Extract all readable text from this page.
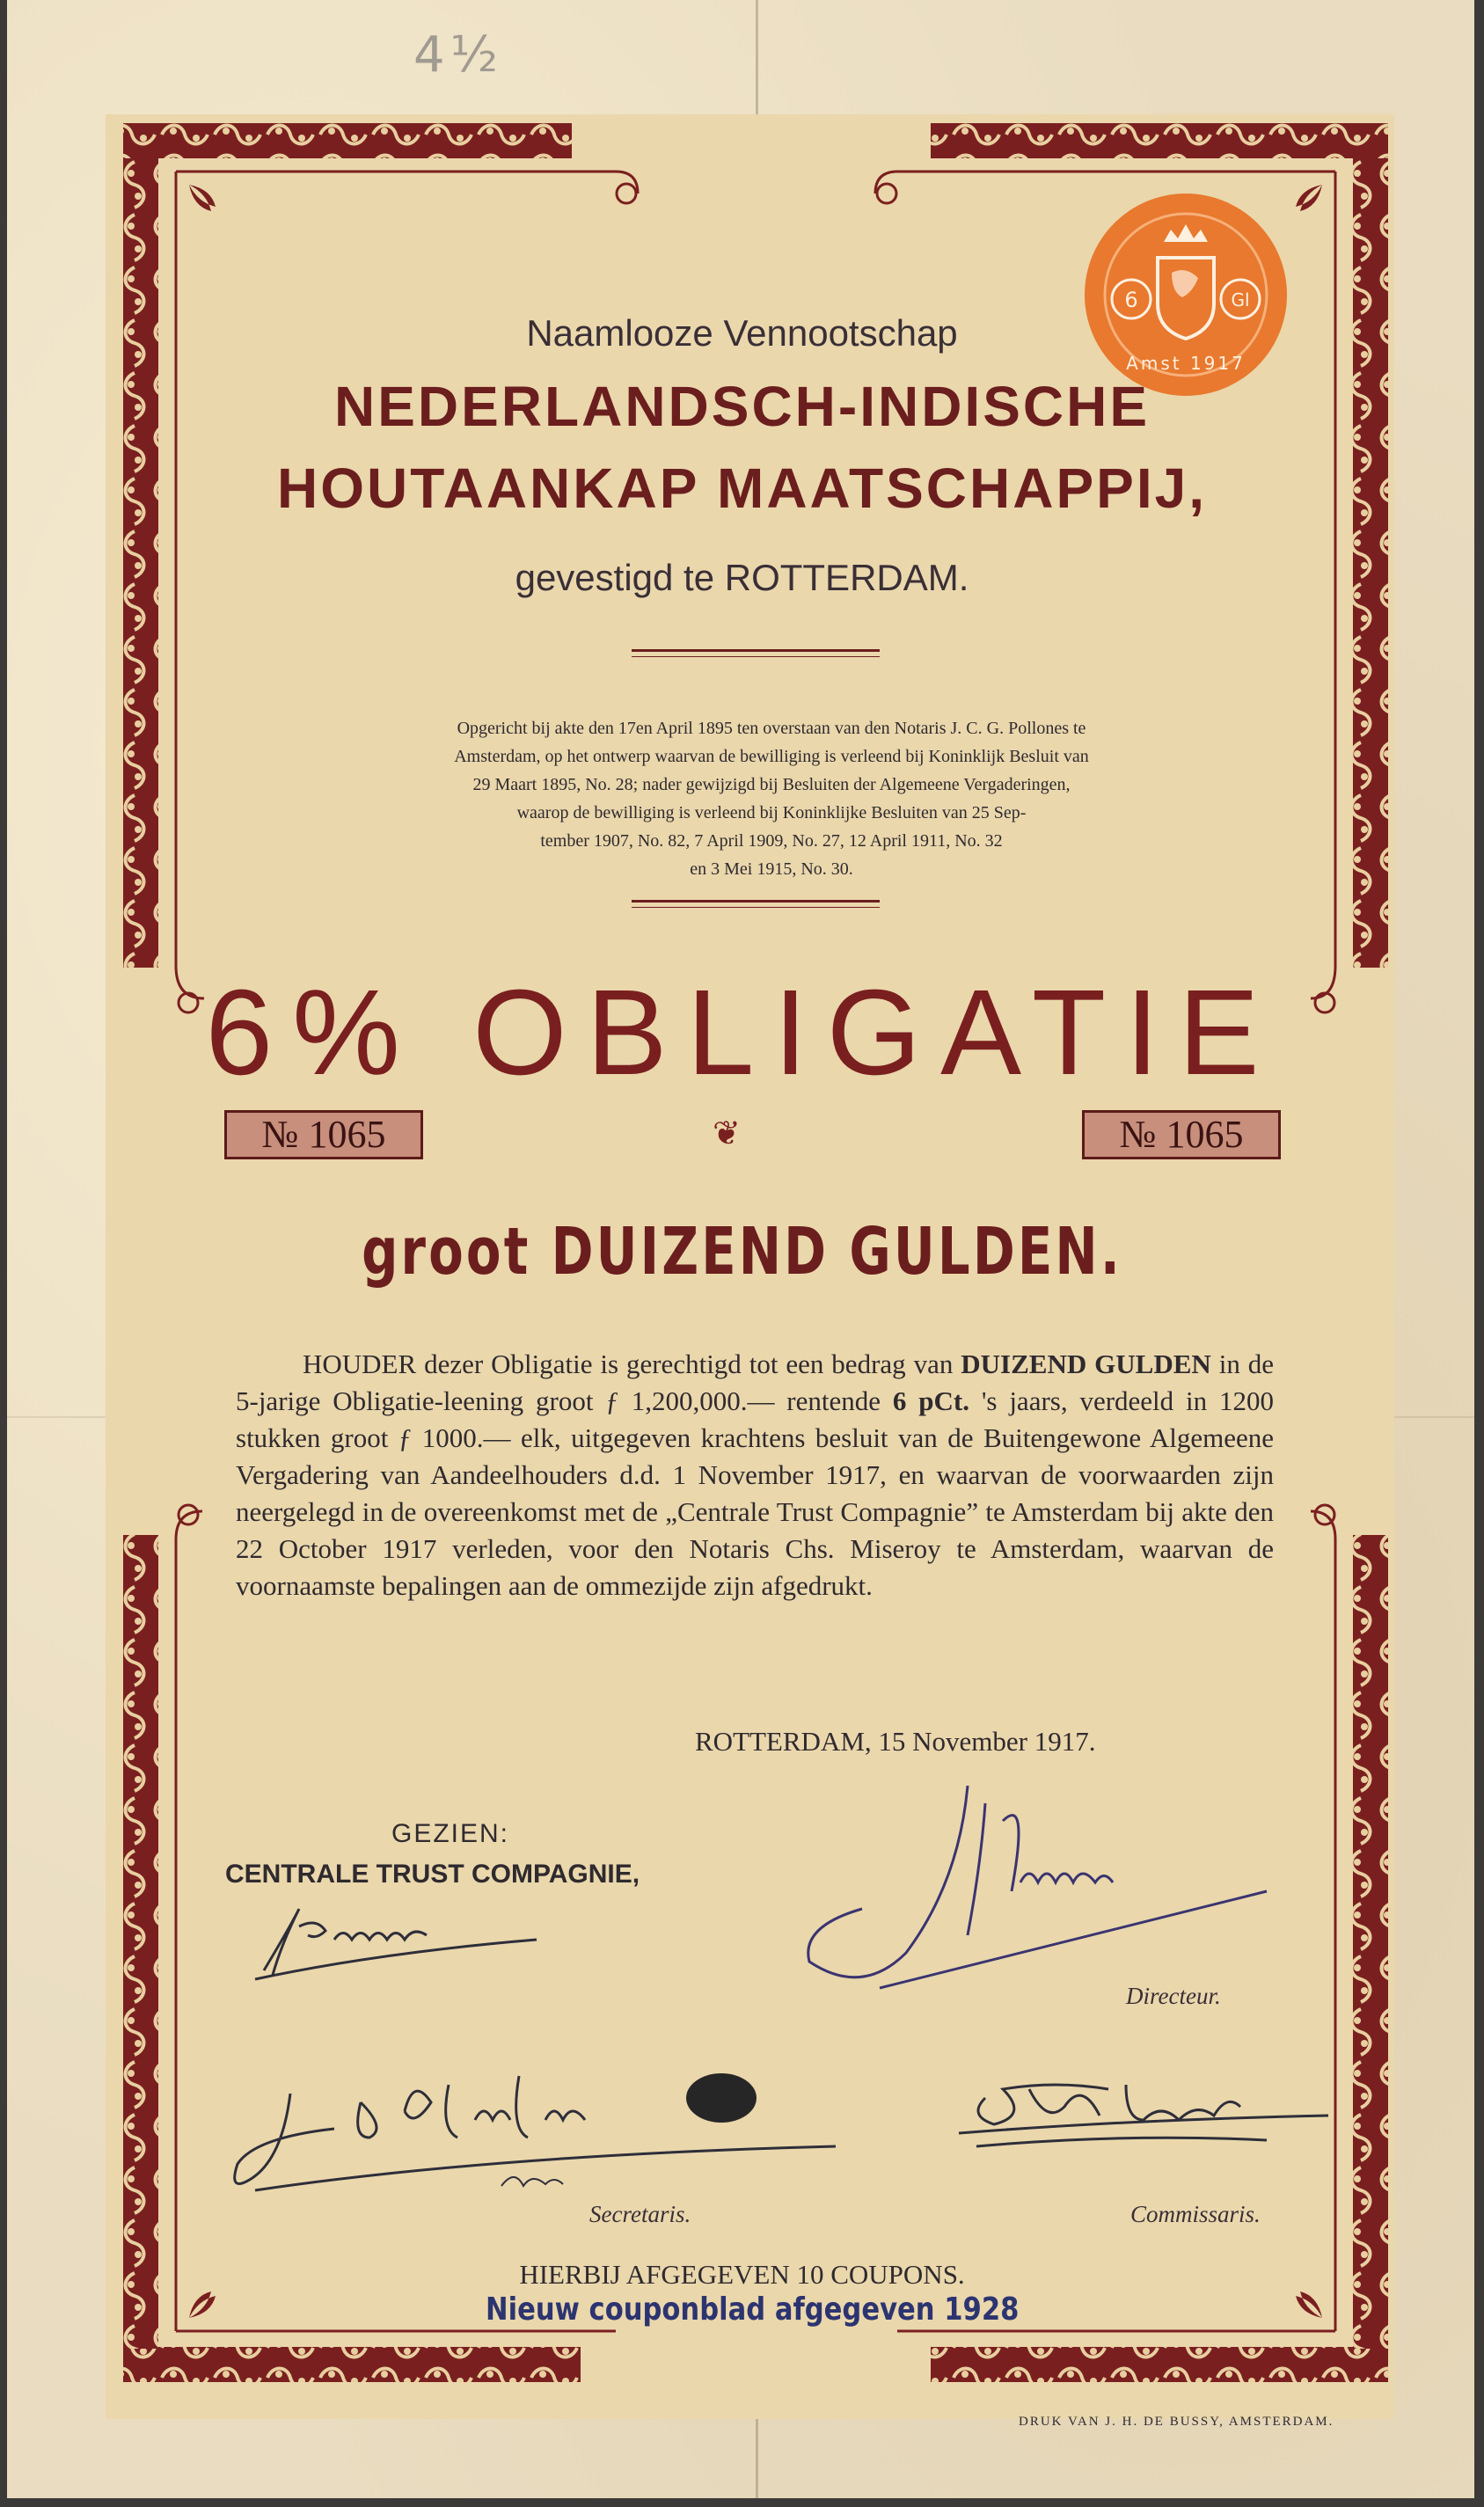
4½
6	Gl
Amst 1917
Naamlooze Vennootschap
NEDERLANDSCH-INDISCHE
HOUTAANKAP MAATSCHAPPIJ,
gevestigd te ROTTERDAM.
Opgericht bij akte den 17en April 1895 ten overstaan van den Notaris J. C. G. Pollones te
Amsterdam, op het ontwerp waarvan de bewilliging is verleend bij Koninklijk Besluit van
29 Maart 1895, No. 28; nader gewijzigd bij Besluiten der Algemeene Vergaderingen,
waarop de bewilliging is verleend bij Koninklijke Besluiten van 25 Sep-
tember 1907, No. 82, 7 April 1909, No. 27, 12 April 1911, No. 32
en 3 Mei 1915, No. 30.
6% OBLIGATIE
№ 1065	❦	№ 1065
groot DUIZEND GULDEN.
HOUDER dezer Obligatie is gerechtigd tot een bedrag van DUIZEND GULDEN in de 5-jarige Obligatie-leening groot ƒ 1,200,000.— rentende 6 pCt. 's jaars, verdeeld in 1200 stukken groot ƒ 1000.— elk, uitgegeven krachtens besluit van de Buitengewone Algemeene Vergadering van Aandeelhouders d.d. 1 November 1917, en waarvan de voorwaarden zijn neergelegd in de overeenkomst met de „Centrale Trust Compagnie” te Amsterdam bij akte den 22 October 1917 verleden, voor den Notaris Chs. Miseroy te Amsterdam, waarvan de voornaamste bepalingen aan de ommezijde zijn afgedrukt.
ROTTERDAM, 15 November 1917.
GEZIEN:
CENTRALE TRUST COMPAGNIE,
Directeur.
Secretaris.	Commissaris.
HIERBIJ AFGEGEVEN 10 COUPONS.
Nieuw couponblad afgegeven 1928
DRUK VAN J. H. DE BUSSY, AMSTERDAM.
